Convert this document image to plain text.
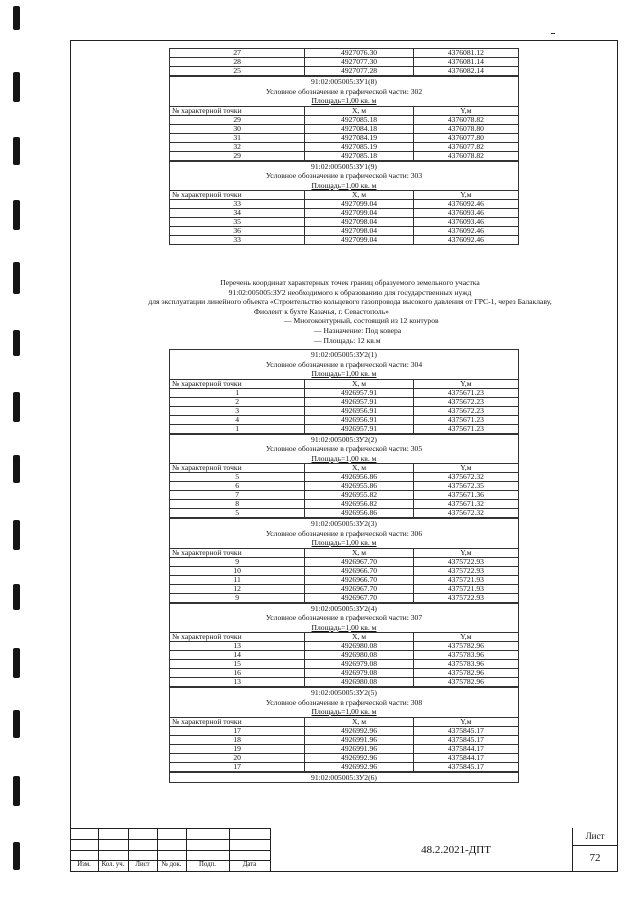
27	4927076.30	4376081.12
28	4927077.30	4376081.14
25	4927077.28	4376082.14
91:02:005005:ЗУ1(8)
Условное обозначение в графической части: 302
Площадь=1,00 кв. м
№ характерной точки	X, м	Y,м
29	4927085.18	4376078.82
30	4927084.18	4376078.80
31	4927084.19	4376077.80
32	4927085.19	4376077.82
29	4927085.18	4376078.82
91:02:005005:ЗУ1(9)
Условное обозначение в графической части: 303
Площадь=1,00 кв. м
№ характерной точки	X, м	Y,м
33	4927099.04	4376092.46
34	4927099.04	4376093.46
35	4927098.04	4376093.46
36	4927098.04	4376092.46
33	4927099.04	4376092.46

Перечень координат характерных точек границ образуемого земельного участка

91:02:005005:ЗУ2 необходимого к образованию для государственных нужд

для эксплуатации линейного объекта «Строительство кольцевого газопровода высокого давления от ГРС-1, через Балаклаву,

Фиолент к бухте Казачья, г. Севастополь»

— Многоконтурный, состоящий из 12 контуров

— Назначение: Под ковера

— Площадь: 12 кв.м

91:02:005005:ЗУ2(1)
Условное обозначение в графической части: 304
Площадь=1,00 кв. м
№ характерной точки	X, м	Y,м
1	4926957.91	4375671.23
2	4926957.91	4375672.23
3	4926956.91	4375672.23
4	4926956.91	4375671.23
1	4926957.91	4375671.23
91:02:005005:ЗУ2(2)
Условное обозначение в графической части: 305
Площадь=1,00 кв. м
№ характерной точки	X, м	Y,м
5	4926956.86	4375672.32
6	4926955.86	4375672.35
7	4926955.82	4375671.36
8	4926956.82	4375671.32
5	4926956.86	4375672.32
91:02:005005:ЗУ2(3)
Условное обозначение в графической части: 306
Площадь=1,00 кв. м
№ характерной точки	X, м	Y,м
9	4926967.70	4375722.93
10	4926966.70	4375722.93
11	4926966.70	4375721.93
12	4926967.70	4375721.93
9	4926967.70	4375722.93
91:02:005005:ЗУ2(4)
Условное обозначение в графической части: 307
Площадь=1,00 кв. м
№ характерной точки	X, м	Y,м
13	4926980.08	4375782.96
14	4926980.08	4375783.96
15	4926979.08	4375783.96
16	4926979.08	4375782.96
13	4926980.08	4375782.96
91:02:005005:ЗУ2(5)
Условное обозначение в графической части: 308
Площадь=1,00 кв. м
№ характерной точки	X, м	Y,м
17	4926992.96	4375845.17
18	4926991.96	4375845.17
19	4926991.96	4375844.17
20	4926992.96	4375844.17
17	4926992.96	4375845.17
91:02:005005:ЗУ2(6)
Изм.	Кол. уч.	Лист	№ док.	Подп.	Дата
48.2.2021-ДПТ
Лист
72
